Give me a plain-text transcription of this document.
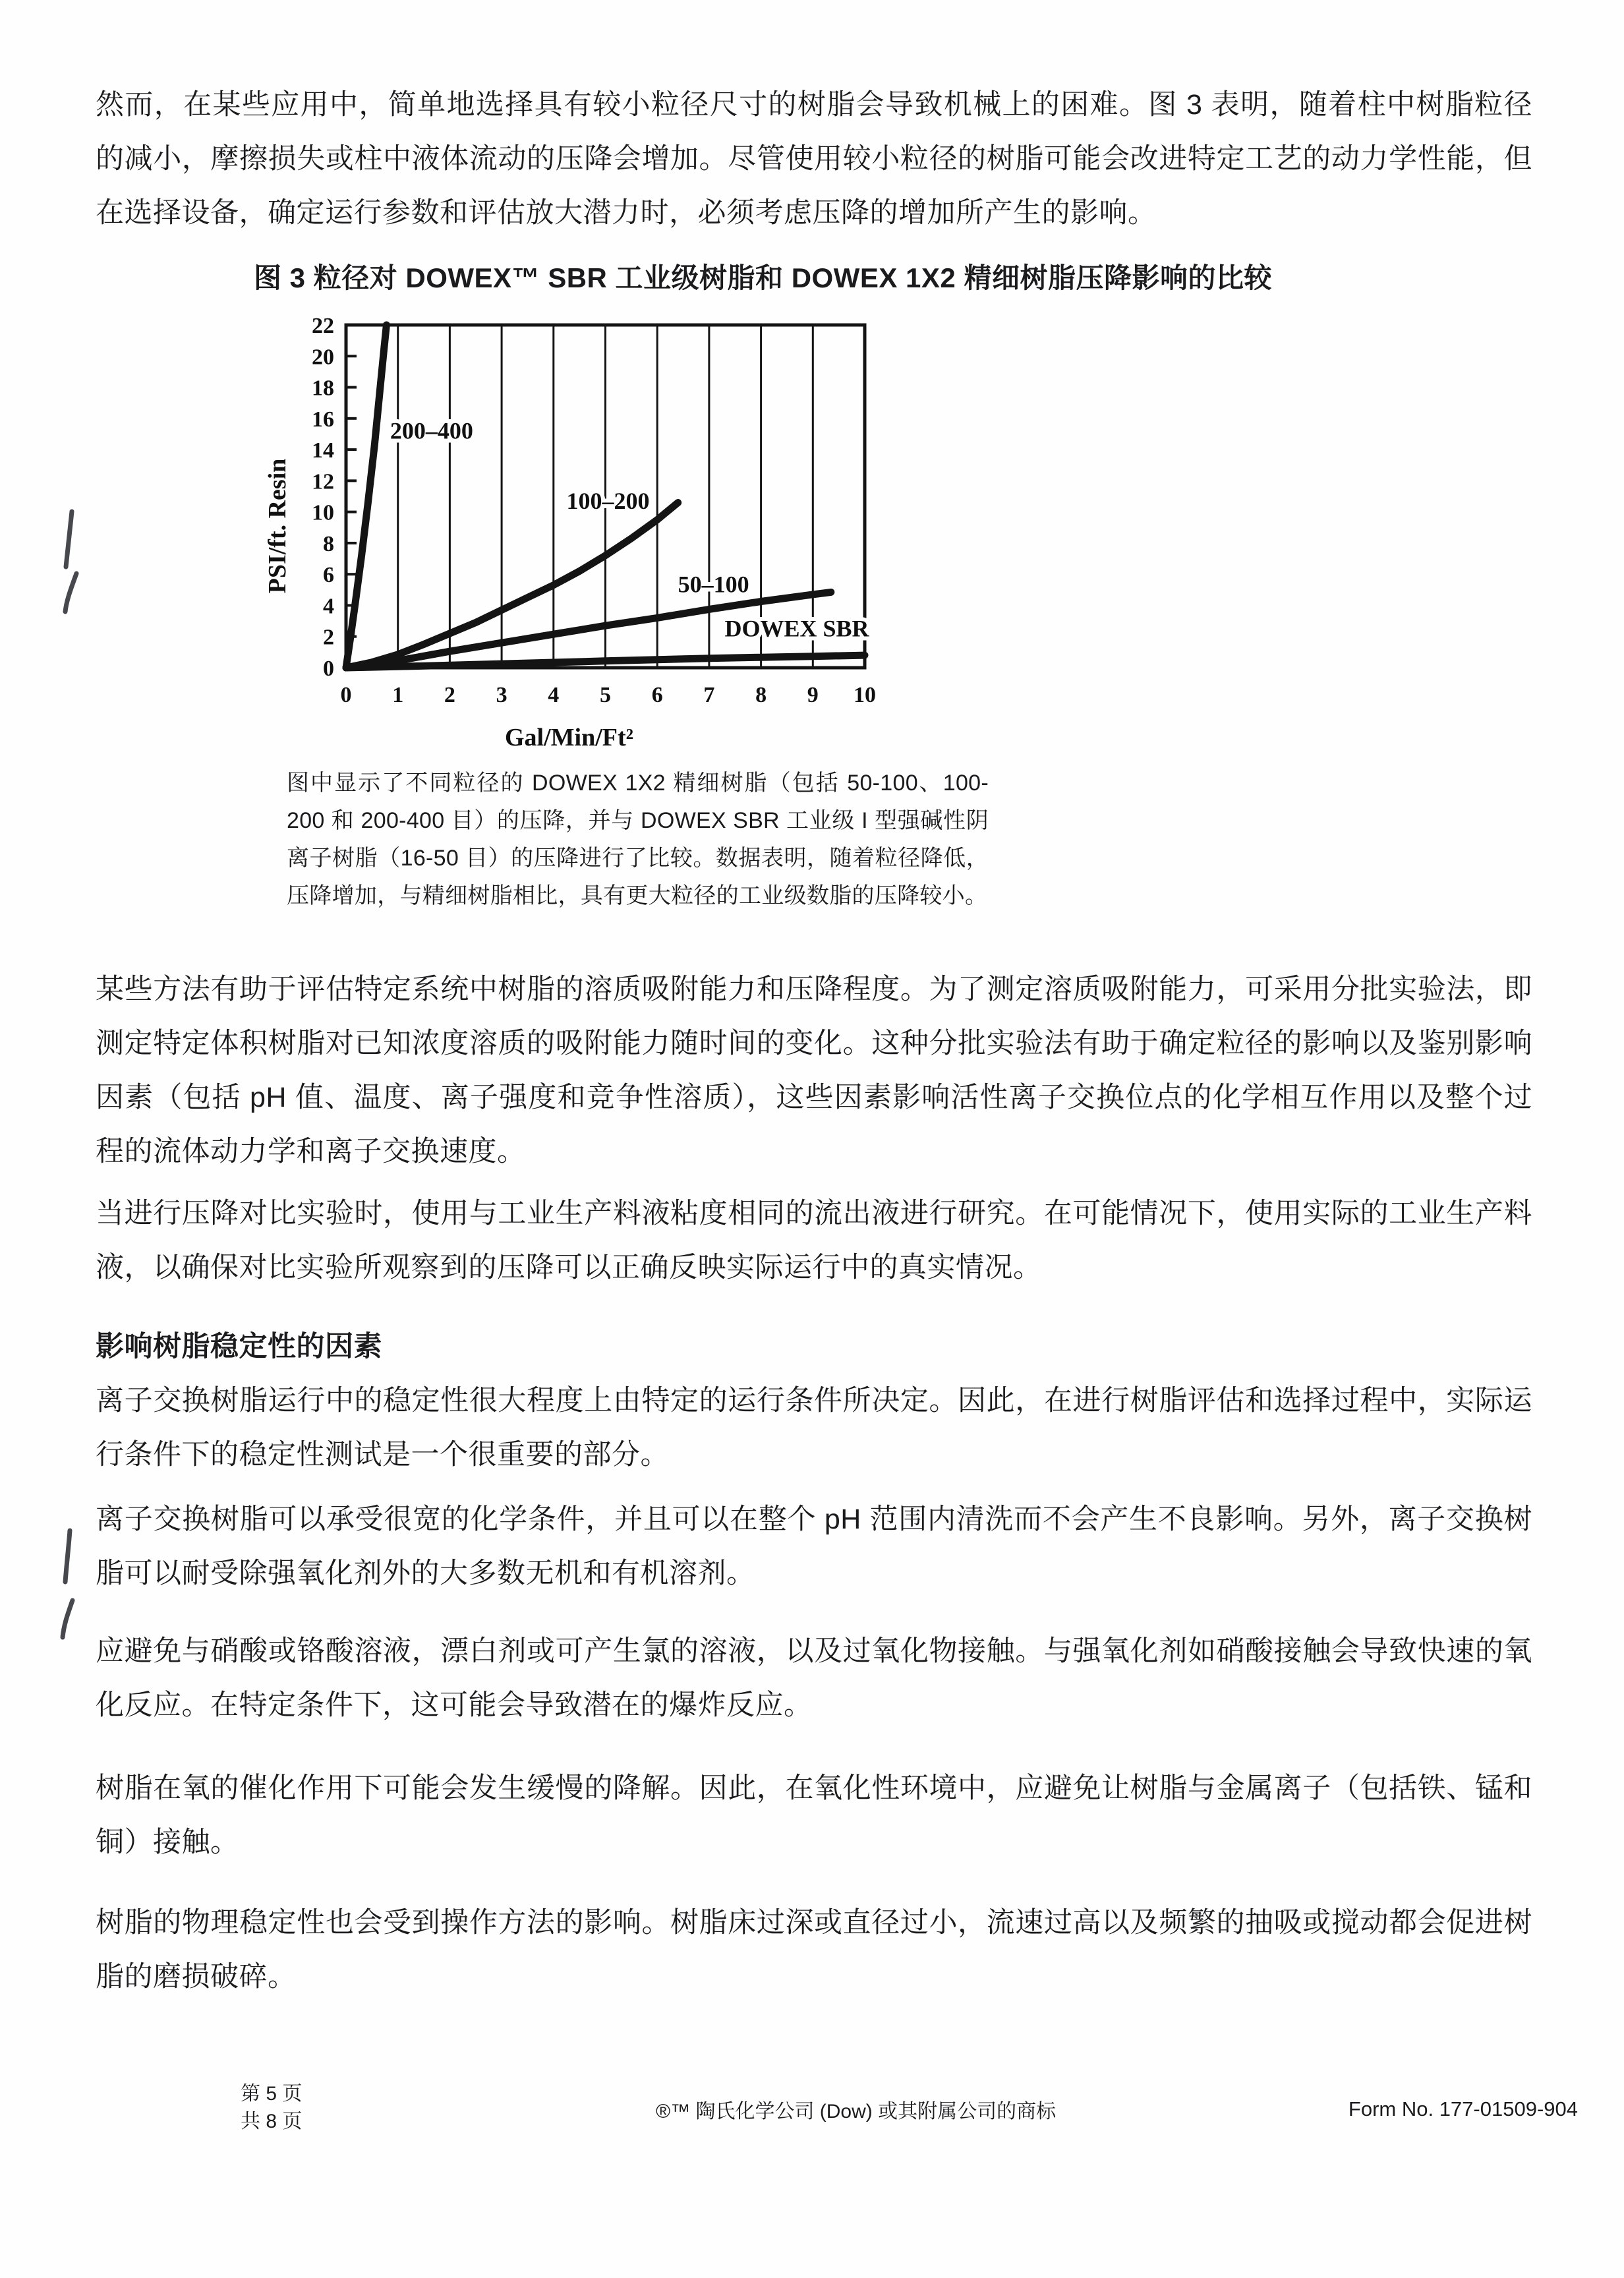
然而，在某些应用中，简单地选择具有较小粒径尺寸的树脂会导致机械上的困难。图 3 表明，随着柱中树脂粒径的减小，摩擦损失或柱中液体流动的压降会增加。尽管使用较小粒径的树脂可能会改进特定工艺的动力学性能，但在选择设备，确定运行参数和评估放大潜力时，必须考虑压降的增加所产生的影响。

图 3 粒径对 DOWEX™ SBR 工业级树脂和 DOWEX 1X2 精细树脂压降影响的比较
0
2
4
6
8
10
12
14
16
18
20
22
0 1 2 3 4 5 6 7 8 9 10
Gal/Min/Ft²
PSI/ft. Resin
200–400
100–200
50–100
DOWEX SBR

图中显示了不同粒径的 DOWEX 1X2 精细树脂（包括 50-100、100-200 和 200-400 目）的压降，并与 DOWEX SBR 工业级 I 型强碱性阴离子树脂（16-50 目）的压降进行了比较。数据表明，随着粒径降低，压降增加，与精细树脂相比，具有更大粒径的工业级数脂的压降较小。

某些方法有助于评估特定系统中树脂的溶质吸附能力和压降程度。为了测定溶质吸附能力，可采用分批实验法，即测定特定体积树脂对已知浓度溶质的吸附能力随时间的变化。这种分批实验法有助于确定粒径的影响以及鉴别影响因素（包括 pH 值、温度、离子强度和竞争性溶质），这些因素影响活性离子交换位点的化学相互作用以及整个过程的流体动力学和离子交换速度。

当进行压降对比实验时，使用与工业生产料液粘度相同的流出液进行研究。在可能情况下，使用实际的工业生产料液，以确保对比实验所观察到的压降可以正确反映实际运行中的真实情况。

影响树脂稳定性的因素

离子交换树脂运行中的稳定性很大程度上由特定的运行条件所决定。因此，在进行树脂评估和选择过程中，实际运行条件下的稳定性测试是一个很重要的部分。

离子交换树脂可以承受很宽的化学条件，并且可以在整个 pH 范围内清洗而不会产生不良影响。另外，离子交换树脂可以耐受除强氧化剂外的大多数无机和有机溶剂。

应避免与硝酸或铬酸溶液，漂白剂或可产生氯的溶液，以及过氧化物接触。与强氧化剂如硝酸接触会导致快速的氧化反应。在特定条件下，这可能会导致潜在的爆炸反应。

树脂在氧的催化作用下可能会发生缓慢的降解。因此，在氧化性环境中，应避免让树脂与金属离子（包括铁、锰和铜）接触。

树脂的物理稳定性也会受到操作方法的影响。树脂床过深或直径过小，流速过高以及频繁的抽吸或搅动都会促进树脂的磨损破碎。

第 5 页
共 8 页	®™ 陶氏化学公司 (Dow) 或其附属公司的商标	Form No. 177-01509-904
